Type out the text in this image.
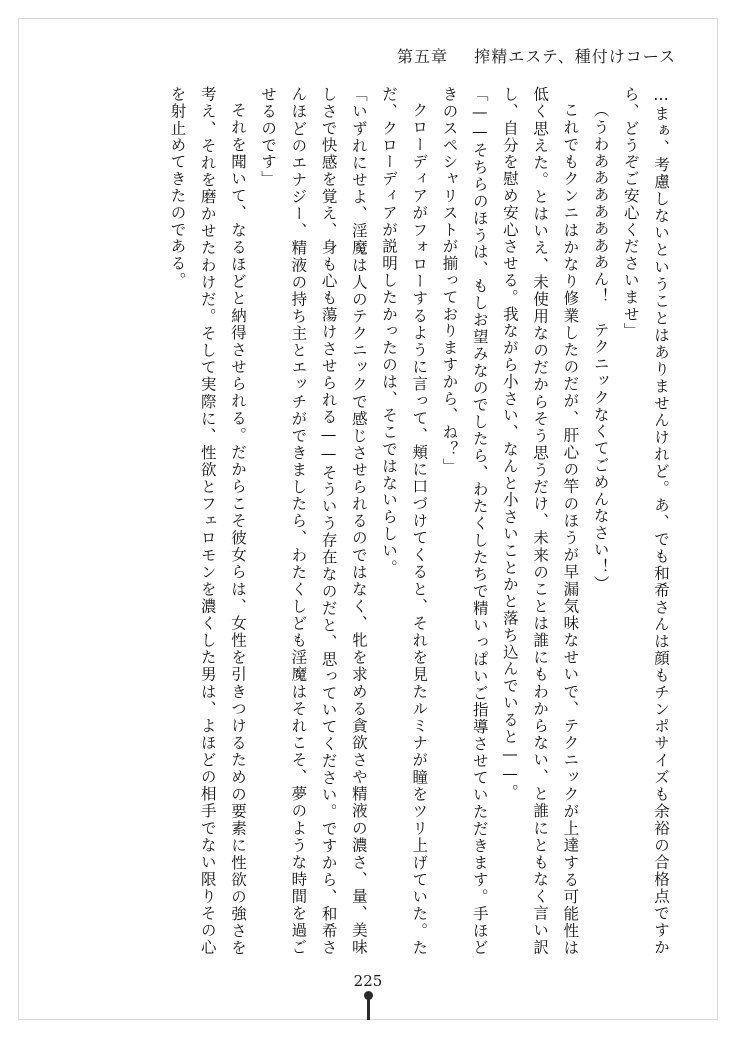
第五章 搾精エステ、種付けコース

…まぁ、考慮しないということはありませんけれど。あ、でも和希さんは顔もチンポサイズも余裕の合格点ですから、どうぞご安心くださいませ」

（うわあああああああん！　テクニックなくてごめんなさい！）

これでもクンニはかなり修業したのだが、肝心の竿のほうが早漏気味なせいで、テクニックが上達する可能性は低く思えた。とはいえ、未使用なのだからそう思うだけ、未来のことは誰にもわからない、と誰にともなく言い訳し、自分を慰め安心させる。我ながら小さい、なんと小さいことかと落ち込んでいると——。

「——そちらのほうは、もしお望みなのでしたら、わたくしたちで精いっぱいご指導させていただきます。手ほどきのスペシャリストが揃っておりますから、ね？」

クローディアがフォローするように言って、頬に口づけてくると、それを見たルミナが瞳をツリ上げていた。ただ、クローディアが説明したかったのは、そこではないらしい。

「いずれにせよ、淫魔は人のテクニックで感じさせられるのではなく、牝を求める貪欲さや精液の濃さ、量、美味しさで快感を覚え、身も心も蕩けさせられる——そういう存在なのだと、思っていてください。ですから、和希さんほどのエナジー、精液の持ち主とエッチができましたら、わたくしども淫魔はそれこそ、夢のような時間を過ごせるのです」

それを聞いて、なるほどと納得させられる。だからこそ彼女らは、女性を引きつけるための要素に性欲の強さを考え、それを磨かせたわけだ。そして実際に、性欲とフェロモンを濃くした男は、よほどの相手でない限りその心を射止めてきたのである。

225
